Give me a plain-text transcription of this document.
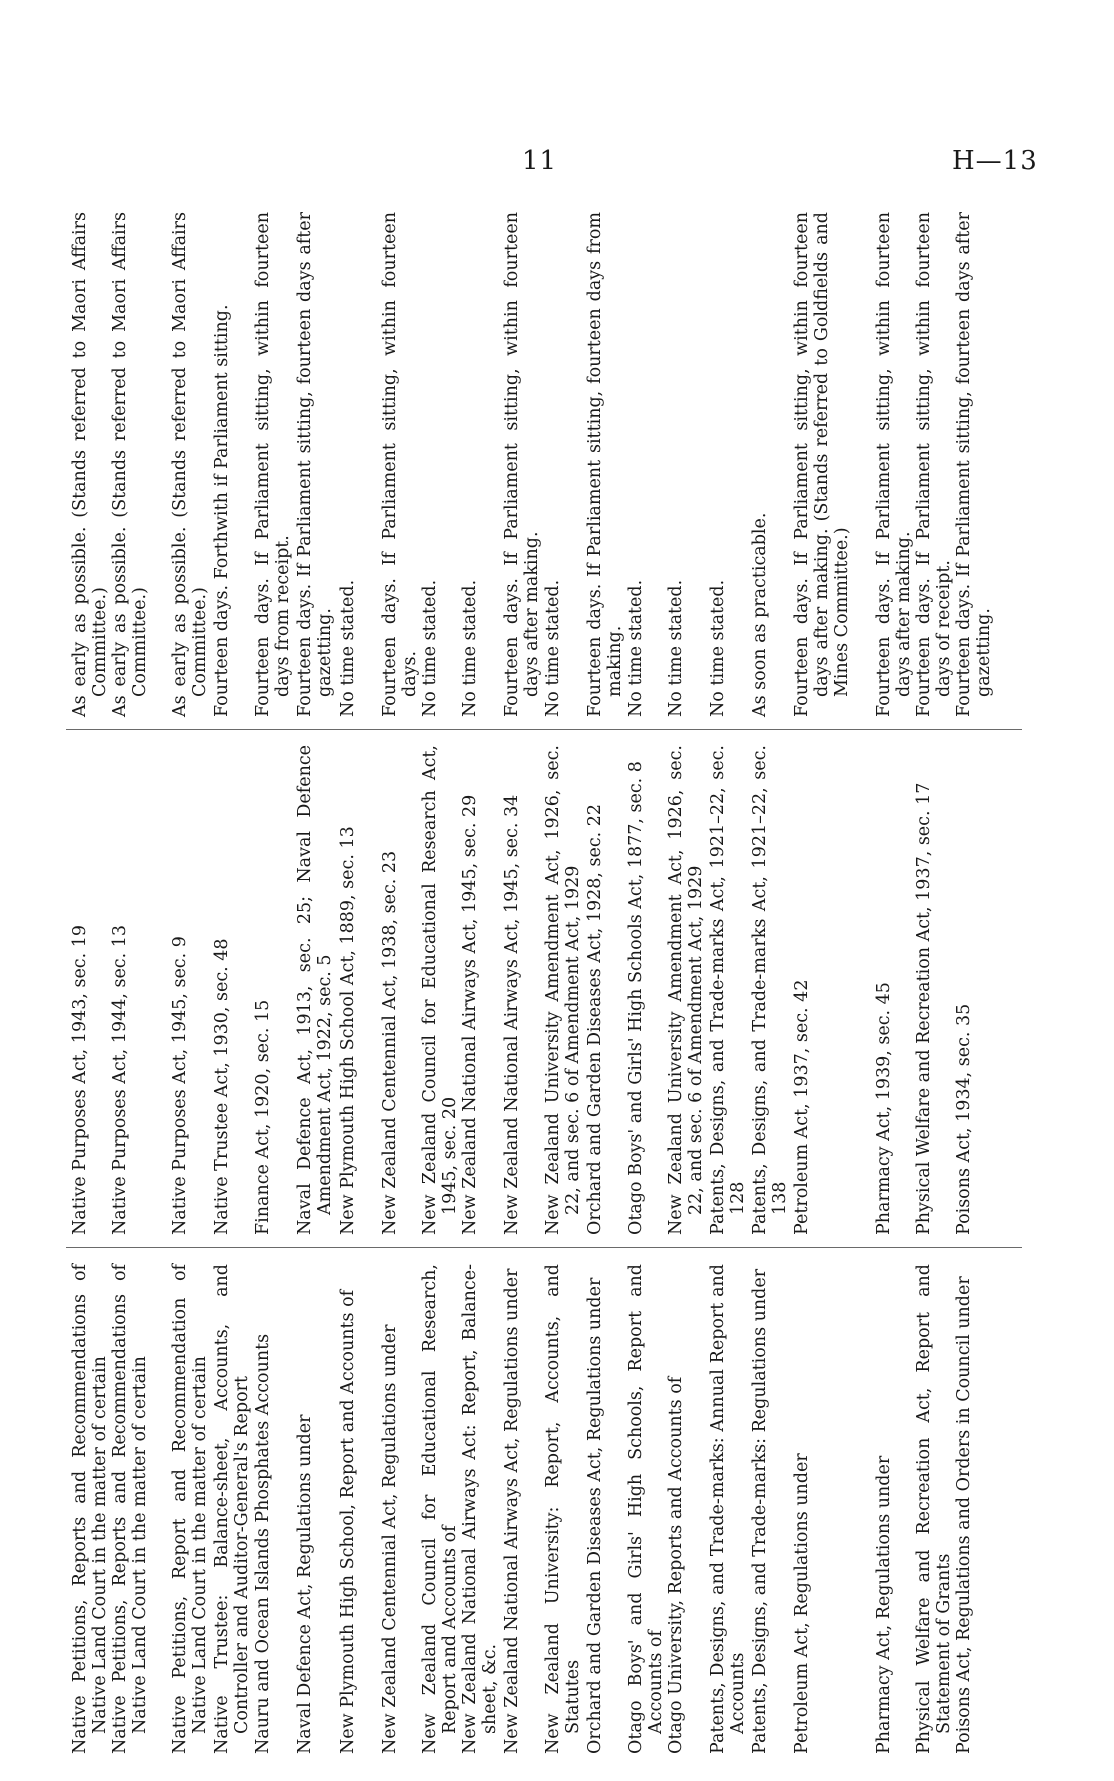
11	H—13
Native Petitions, Reports and Recommendations of Native Land Court in the matter of certain
Native Purposes Act, 1943, sec. 19
As early as possible. (Stands referred to Maori Affairs Committee.)
Native Petitions, Reports and Recommendations of Native Land Court in the matter of certain
Native Purposes Act, 1944, sec. 13
As early as possible. (Stands referred to Maori Affairs Committee.)
Native Petitions, Report and Recommendation of Native Land Court in the matter of certain
Native Purposes Act, 1945, sec. 9
As early as possible. (Stands referred to Maori Affairs Committee.)
Native Trustee: Balance-sheet, Accounts, and Controller and Auditor-General's Report
Native Trustee Act, 1930, sec. 48
Fourteen days. Forthwith if Parliament sitting.
Nauru and Ocean Islands Phosphates Accounts
Finance Act, 1920, sec. 15
Fourteen days. If Parliament sitting, within fourteen days from receipt.
Naval Defence Act, Regulations under
Naval Defence Act, 1913, sec. 25; Naval Defence Amendment Act, 1922, sec. 5
Fourteen days. If Parliament sitting, fourteen days after gazetting.
New Plymouth High School, Report and Accounts of
New Plymouth High School Act, 1889, sec. 13
No time stated.
New Zealand Centennial Act, Regulations under
New Zealand Centennial Act, 1938, sec. 23
Fourteen days. If Parliament sitting, within fourteen days.
New Zealand Council for Educational Research, Report and Accounts of
New Zealand Council for Educational Research Act, 1945, sec. 20
No time stated.
New Zealand National Airways Act: Report, Balance-sheet, &c.
New Zealand National Airways Act, 1945, sec. 29
No time stated.
New Zealand National Airways Act, Regulations under
New Zealand National Airways Act, 1945, sec. 34
Fourteen days. If Parliament sitting, within fourteen days after making.
New Zealand University: Report, Accounts, and Statutes
New Zealand University Amendment Act, 1926, sec. 22, and sec. 6 of Amendment Act, 1929
No time stated.
Orchard and Garden Diseases Act, Regulations under
Orchard and Garden Diseases Act, 1928, sec. 22
Fourteen days. If Parliament sitting, fourteen days from making.
Otago Boys' and Girls' High Schools, Report and Accounts of
Otago Boys' and Girls' High Schools Act, 1877, sec. 8
No time stated.
Otago University, Reports and Accounts of
New Zealand University Amendment Act, 1926, sec. 22, and sec. 6 of Amendment Act, 1929
No time stated.
Patents, Designs, and Trade-marks: Annual Report and Accounts
Patents, Designs, and Trade-marks Act, 1921–22, sec. 128
No time stated.
Patents, Designs, and Trade-marks: Regulations under
Patents, Designs, and Trade-marks Act, 1921–22, sec. 138
As soon as practicable.
Petroleum Act, Regulations under
Petroleum Act, 1937, sec. 42
Fourteen days. If Parliament sitting, within fourteen days after making. (Stands referred to Goldfields and Mines Committee.)
Pharmacy Act, Regulations under
Pharmacy Act, 1939, sec. 45
Fourteen days. If Parliament sitting, within fourteen days after making.
Physical Welfare and Recreation Act, Report and Statement of Grants
Physical Welfare and Recreation Act, 1937, sec. 17
Fourteen days. If Parliament sitting, within fourteen days of receipt.
Poisons Act, Regulations and Orders in Council under
Poisons Act, 1934, sec. 35
Fourteen days. If Parliament sitting, fourteen days after gazetting.
